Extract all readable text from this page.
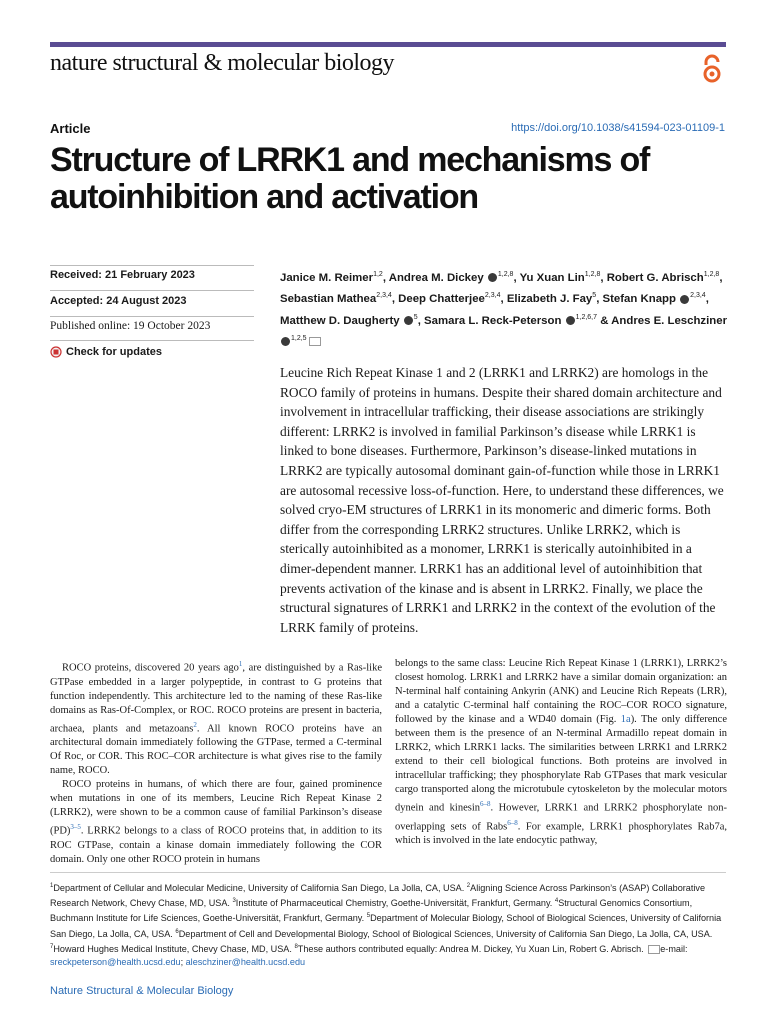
nature structural & molecular biology
Article	https://doi.org/10.1038/s41594-023-01109-1
Structure of LRRK1 and mechanisms of autoinhibition and activation
Received: 21 February 2023
Accepted: 24 August 2023
Published online: 19 October 2023
Check for updates
Janice M. Reimer$^{1,2}$, Andrea M. Dickey $^{1,2,8}$, Yu Xuan Lin$^{1,2,8}$, Robert G. Abrisch$^{1,2,8}$, Sebastian Mathea$^{2,3,4}$, Deep Chatterjee$^{2,3,4}$, Elizabeth J. Fay$^5$, Stefan Knapp $^{2,3,4}$, Matthew D. Daugherty $^5$, Samara L. Reck-Peterson $^{1,2,6,7}$ & Andres E. Leschziner $^{1,2,5}$
Leucine Rich Repeat Kinase 1 and 2 (LRRK1 and LRRK2) are homologs in the ROCO family of proteins in humans. Despite their shared domain architecture and involvement in intracellular trafficking, their disease associations are strikingly different: LRRK2 is involved in familial Parkinson’s disease while LRRK1 is linked to bone diseases. Furthermore, Parkinson’s disease-linked mutations in LRRK2 are typically autosomal dominant gain-of-function while those in LRRK1 are autosomal recessive loss-of-function. Here, to understand these differences, we solved cryo-EM structures of LRRK1 in its monomeric and dimeric forms. Both differ from the corresponding LRRK2 structures. Unlike LRRK2, which is sterically autoinhibited as a monomer, LRRK1 is sterically autoinhibited in a dimer-dependent manner. LRRK1 has an additional level of autoinhibition that prevents activation of the kinase and is absent in LRRK2. Finally, we place the structural signatures of LRRK1 and LRRK2 in the context of the evolution of the LRRK family of proteins.

ROCO proteins, discovered 20 years ago$^1$, are distinguished by a Ras-like GTPase embedded in a larger polypeptide, in contrast to G proteins that function independently. This architecture led to the naming of these Ras-like domains as Ras-Of-Complex, or ROC. ROCO proteins are present in bacteria, archaea, plants and metazoans$^2$. All known ROCO proteins have an architectural domain immediately following the GTPase, termed a C-terminal Of Roc, or COR. This ROC–COR architecture is what gives rise to the family name, ROCO.

ROCO proteins in humans, of which there are four, gained prominence when mutations in one of its members, Leucine Rich Repeat Kinase 2 (LRRK2), were shown to be a common cause of familial Parkinson’s disease (PD)$^{3-5}$. LRRK2 belongs to a class of ROCO proteins that, in addition to its ROC GTPase, contain a kinase domain immediately following the COR domain. Only one other ROCO protein in humans

belongs to the same class: Leucine Rich Repeat Kinase 1 (LRRK1), LRRK2’s closest homolog. LRRK1 and LRRK2 have a similar domain organization: an N-terminal half containing Ankyrin (ANK) and Leucine Rich Repeats (LRR), and a catalytic C-terminal half containing the ROC–COR ROCO signature, followed by the kinase and a WD40 domain (Fig. 1a). The only difference between them is the presence of an N-terminal Armadillo repeat domain in LRRK2, which LRRK1 lacks. The similarities between LRRK1 and LRRK2 extend to their cell biological functions. Both proteins are involved in intracellular trafficking; they phosphorylate Rab GTPases that mark vesicular cargo transported along the microtubule cytoskeleton by the molecular motors dynein and kinesin$^{6-8}$. However, LRRK1 and LRRK2 phosphorylate non-overlapping sets of Rabs$^{6-8}$. For example, LRRK1 phosphorylates Rab7a, which is involved in the late endocytic pathway,

$^1$Department of Cellular and Molecular Medicine, University of California San Diego, La Jolla, CA, USA. $^2$Aligning Science Across Parkinson’s (ASAP) Collaborative Research Network, Chevy Chase, MD, USA. $^3$Institute of Pharmaceutical Chemistry, Goethe-Universität, Frankfurt, Germany. $^4$Structural Genomics Consortium, Buchmann Institute for Life Sciences, Goethe-Universität, Frankfurt, Germany. $^5$Department of Molecular Biology, School of Biological Sciences, University of California San Diego, La Jolla, CA, USA. $^6$Department of Cell and Developmental Biology, School of Biological Sciences, University of California San Diego, La Jolla, CA, USA. $^7$Howard Hughes Medical Institute, Chevy Chase, MD, USA. $^8$These authors contributed equally: Andrea M. Dickey, Yu Xuan Lin, Robert G. Abrisch. e-mail: sreckpeterson@health.ucsd.edu; aleschziner@health.ucsd.edu
Nature Structural & Molecular Biology
